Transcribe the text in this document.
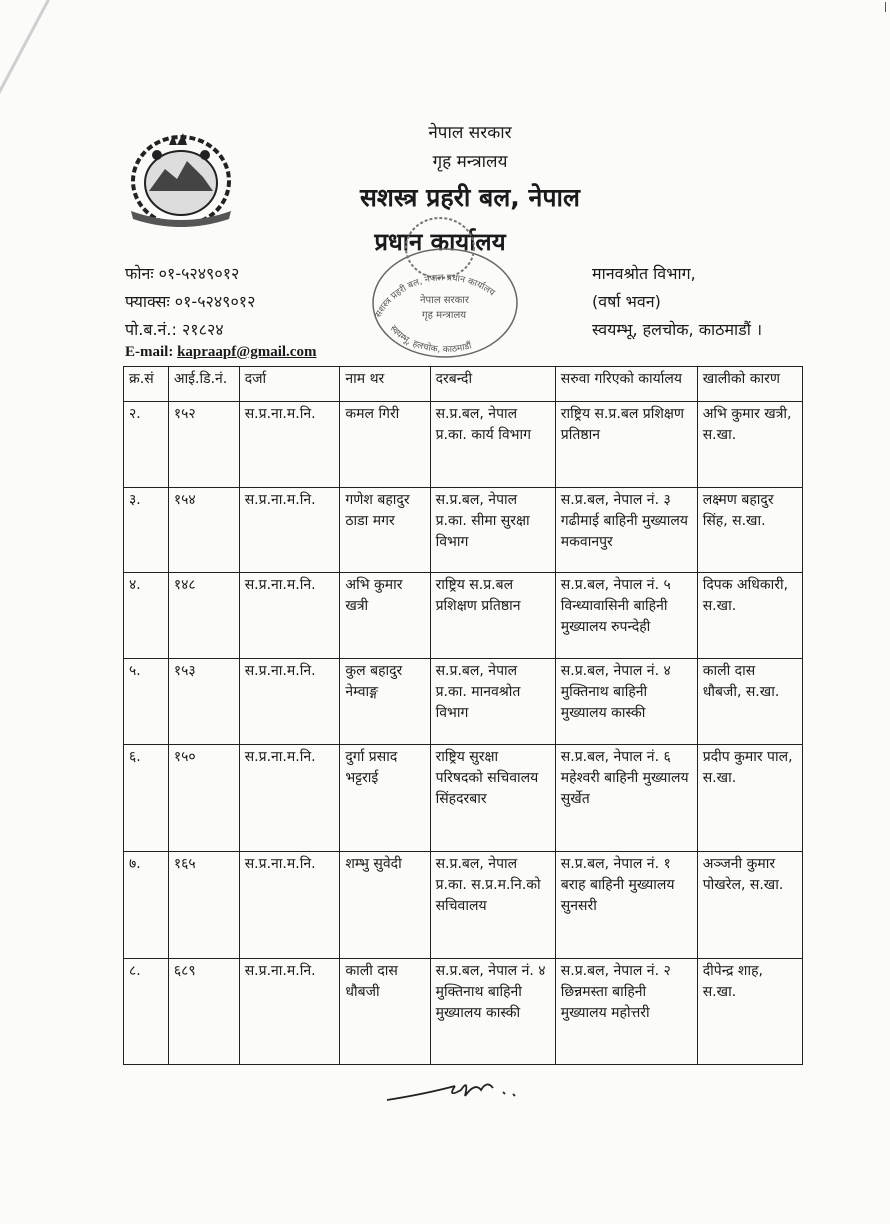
नेपाल सरकार
गृह मन्त्रालय
सशस्त्र प्रहरी बल, नेपाल
प्रधान कार्यालय
फोनः ०१-५२४९०१२
फ्याक्सः ०१-५२४९०१२
पो.ब.नं.: २१८२४
E-mail: kapraapf@gmail.com
मानवश्रोत विभाग,
(वर्षा भवन)
स्वयम्भू, हलचोक, काठमाडौं ।
सशस्त्र प्रहरी बल, नेपाल प्रधान कार्यालय
स्वयम्भू, हलचोक, काठमाडौं
नेपाल सरकार
गृह मन्त्रालय
क्र.सं	आई.डि.नं.	दर्जा	नाम थर	दरबन्दी	सरुवा गरिएको कार्यालय	खालीको कारण
२.	१५२	स.प्र.ना.म.नि.	कमल गिरी	स.प्र.बल, नेपाल प्र.का. कार्य विभाग	राष्ट्रिय स.प्र.बल प्रशिक्षण प्रतिष्ठान	अभि कुमार खत्री, स.खा.
३.	१५४	स.प्र.ना.म.नि.	गणेश बहादुर ठाडा मगर	स.प्र.बल, नेपाल प्र.का. सीमा सुरक्षा विभाग	स.प्र.बल, नेपाल नं. ३ गढीमाई बाहिनी मुख्यालय मकवानपुर	लक्ष्मण बहादुर सिंह, स.खा.
४.	१४८	स.प्र.ना.म.नि.	अभि कुमार खत्री	राष्ट्रिय स.प्र.बल प्रशिक्षण प्रतिष्ठान	स.प्र.बल, नेपाल नं. ५ विन्ध्यावासिनी बाहिनी मुख्यालय रुपन्देही	दिपक अधिकारी, स.खा.
५.	१५३	स.प्र.ना.म.नि.	कुल बहादुर नेम्वाङ्ग	स.प्र.बल, नेपाल प्र.का. मानवश्रोत विभाग	स.प्र.बल, नेपाल नं. ४ मुक्तिनाथ बाहिनी मुख्यालय कास्की	काली दास धौबजी, स.खा.
६.	१५०	स.प्र.ना.म.नि.	दुर्गा प्रसाद भट्टराई	राष्ट्रिय सुरक्षा परिषदको सचिवालय सिंहदरबार	स.प्र.बल, नेपाल नं. ६ महेश्वरी बाहिनी मुख्यालय सुर्खेत	प्रदीप कुमार पाल, स.खा.
७.	१६५	स.प्र.ना.म.नि.	शम्भु सुवेदी	स.प्र.बल, नेपाल प्र.का. स.प्र.म.नि.को सचिवालय	स.प्र.बल, नेपाल नं. १ बराह बाहिनी मुख्यालय सुनसरी	अञ्जनी कुमार पोखरेल, स.खा.
८.	६८९	स.प्र.ना.म.नि.	काली दास धौबजी	स.प्र.बल, नेपाल नं. ४ मुक्तिनाथ बाहिनी मुख्यालय कास्की	स.प्र.बल, नेपाल नं. २ छिन्नमस्ता बाहिनी मुख्यालय महोत्तरी	दीपेन्द्र शाह, स.खा.
